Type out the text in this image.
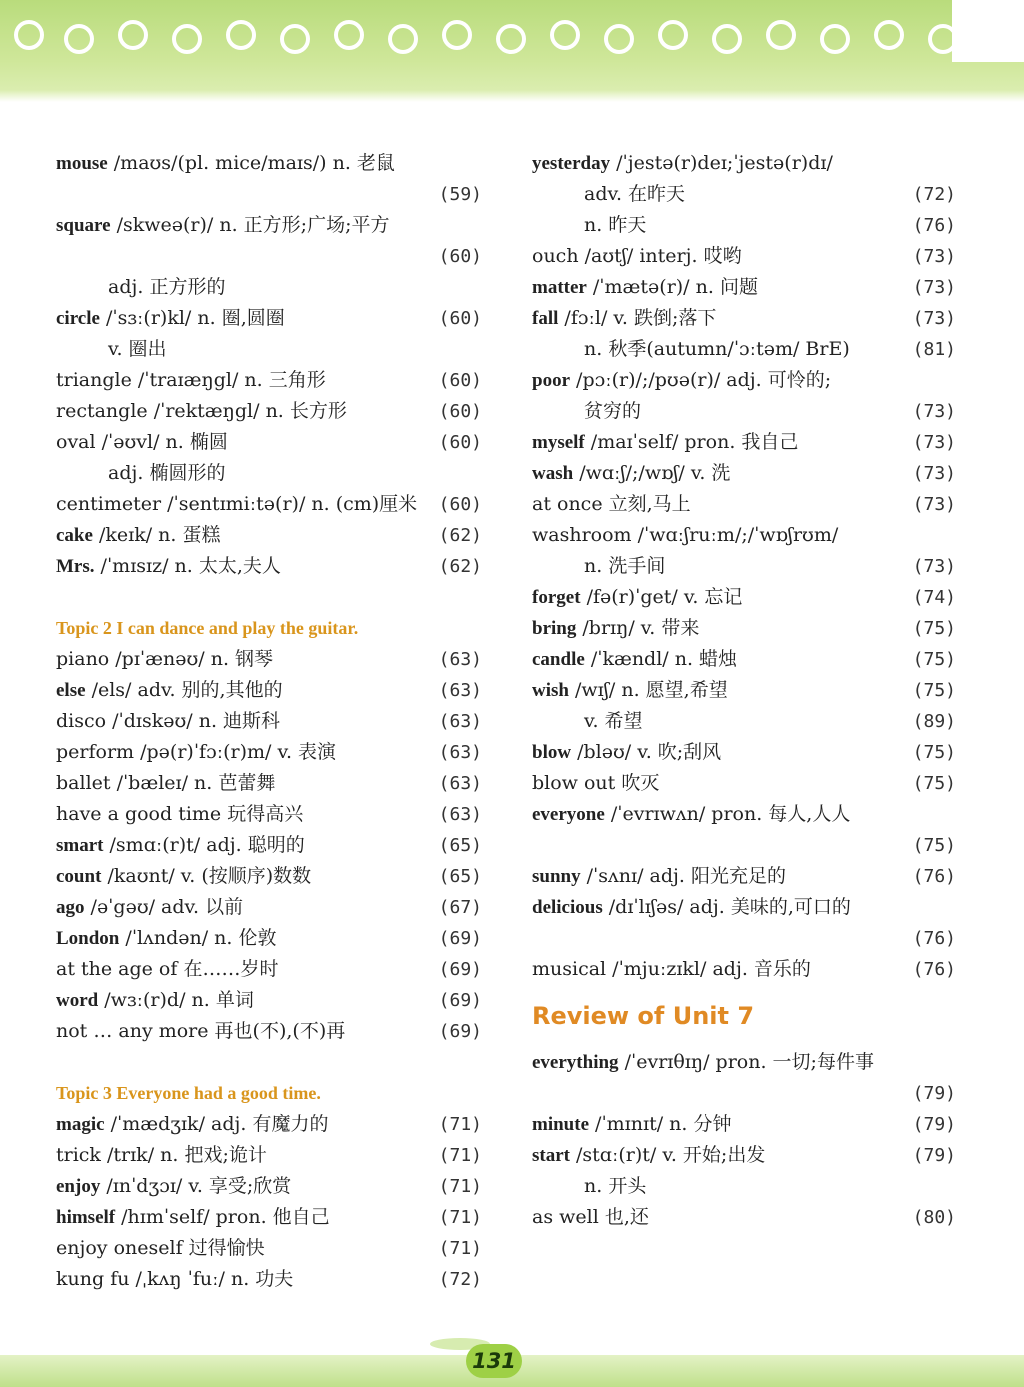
mouse /maʊs/(pl. mice/maɪs/) n. 老鼠
(59)
square /skweə(r)/ n. 正方形;广场;平方
(60)
adj. 正方形的
circle /ˈsɜː(r)kl/ n. 圈,圆圈	(60)
v. 圈出
triangle /ˈtraɪæŋgl/ n. 三角形	(60)
rectangle /ˈrektæŋgl/ n. 长方形	(60)
oval /ˈəʊvl/ n. 椭圆	(60)
adj. 椭圆形的
centimeter /ˈsentɪmiːtə(r)/ n. (cm)厘米 (60)
cake /keɪk/ n. 蛋糕	(62)
Mrs. /ˈmɪsɪz/ n. 太太,夫人	(62)
Topic 2 I can dance and play the guitar.
piano /pɪˈænəʊ/ n. 钢琴	(63)
else /els/ adv. 别的,其他的	(63)
disco /ˈdɪskəʊ/ n. 迪斯科	(63)
perform /pə(r)ˈfɔː(r)m/ v. 表演	(63)
ballet /ˈbæleɪ/ n. 芭蕾舞	(63)
have a good time 玩得高兴	(63)
smart /smɑː(r)t/ adj. 聪明的	(65)
count /kaʊnt/ v. (按顺序)数数	(65)
ago /əˈgəʊ/ adv. 以前	(67)
London /ˈlʌndən/ n. 伦敦	(69)
at the age of 在……岁时	(69)
word /wɜː(r)d/ n. 单词	(69)
not … any more 再也(不),(不)再	(69)
Topic 3 Everyone had a good time.
magic /ˈmædʒɪk/ adj. 有魔力的	(71)
trick /trɪk/ n. 把戏;诡计	(71)
enjoy /ɪnˈdʒɔɪ/ v. 享受;欣赏	(71)
himself /hɪmˈself/ pron. 他自己	(71)
enjoy oneself 过得愉快	(71)
kung fu /ˌkʌŋ ˈfuː/ n. 功夫	(72)
yesterday /ˈjestə(r)deɪ;ˈjestə(r)dɪ/
adv. 在昨天	(72)
n. 昨天	(76)
ouch /aʊtʃ/ interj. 哎哟	(73)
matter /ˈmætə(r)/ n. 问题	(73)
fall /fɔːl/ v. 跌倒;落下	(73)
n. 秋季(autumn/ˈɔːtəm/ BrE)	(81)
poor /pɔː(r)/;/pʊə(r)/ adj. 可怜的;
贫穷的	(73)
myself /maɪˈself/ pron. 我自己	(73)
wash /wɑːʃ/;/wɒʃ/ v. 洗	(73)
at once 立刻,马上	(73)
washroom /ˈwɑːʃruːm/;/ˈwɒʃrʊm/
n. 洗手间	(73)
forget /fə(r)ˈget/ v. 忘记	(74)
bring /brɪŋ/ v. 带来	(75)
candle /ˈkændl/ n. 蜡烛	(75)
wish /wɪʃ/ n. 愿望,希望	(75)
v. 希望	(89)
blow /bləʊ/ v. 吹;刮风	(75)
blow out 吹灭	(75)
everyone /ˈevrɪwʌn/ pron. 每人,人人
(75)
sunny /ˈsʌnɪ/ adj. 阳光充足的	(76)
delicious /dɪˈlɪʃəs/ adj. 美味的,可口的
(76)
musical /ˈmjuːzɪkl/ adj. 音乐的	(76)
Review of Unit 7
everything /ˈevrɪθɪŋ/ pron. 一切;每件事
(79)
minute /ˈmɪnɪt/ n. 分钟	(79)
start /stɑː(r)t/ v. 开始;出发	(79)
n. 开头
as well 也,还	(80)
131
